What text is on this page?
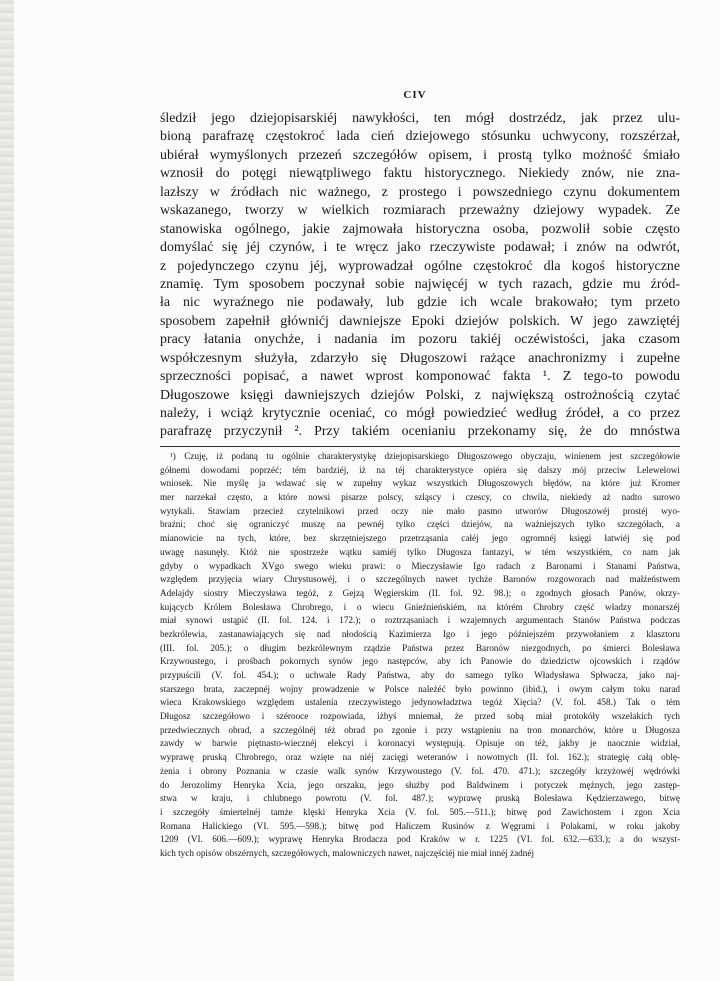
CIV
śledził jego dziejopisarskiéj nawykłości, ten mógł dostrzédz, jak przez ulu-
bioną parafrazę częstokroć lada cień dziejowego stósunku uchwycony, rozszérzał,
ubiérał wymyślonych przezeń szczegółów opisem, i prostą tylko możność śmiało
wznosił do potęgi niewątpliwego faktu historycznego. Niekiedy znów, nie zna-
lazłszy w źródłach nic ważnego, z prostego i powszedniego czynu dokumentem
wskazanego, tworzy w wielkich rozmiarach przeważny dziejowy wypadek. Ze
stanowiska ogólnego, jakie zajmowała historyczna osoba, pozwolił sobie często
domyślać się jéj czynów, i te wręcz jako rzeczywiste podawał; i znów na odwrót,
z pojedynczego czynu jéj, wyprowadzał ogólne częstokroć dla kogoś historyczne
znamię. Tym sposobem poczynał sobie najwięcéj w tych razach, gdzie mu źród-
ła nic wyraźnego nie podawały, lub gdzie ich wcale brakowało; tym przeto
sposobem zapełnił głównićj dawniejsze Epoki dziejów polskich. W jego zawziętéj
pracy łatania onychże, i nadania im pozoru takiéj oczéwistości, jaka czasom
współczesnym służyła, zdarzyło się Długoszowi rażące anachronizmy i zupełne
sprzeczności popisać, a nawet wprost komponować fakta ¹. Z tego-to powodu
Długoszowe księgi dawniejszych dziejów Polski, z największą ostrożnością czytać
należy, i wciąż krytycznie oceniać, co mógł powiedzieć według źródeł, a co przez
parafrazę przyczynił ². Przy takiém ocenianiu przekonamy się, że do mnóstwa
¹) Czuję, iż podaną tu ogólnie charakterystykę dziejopisarskiego Długoszowego obyczaju, winienem jest szczegółowie
gółnemi dowodami poprzéć; tém bardziéj, iż na téj charakterystyce opiéra się dalszy mój przeciw Lelewelowi
wniosek. Nie myślę ja wdawać się w zupełny wykaz wszystkich Długoszowych błędów, na które już Kromer
mer narzekał często, a które nowsi pisarze polscy, szląscy i czescy, co chwila, niekiedy aż nadto surowo
wytykali. Stawiam przecież czytelnikowi przed oczy nie mało pasmo utworów Długoszowéj prostéj wyo-
braźni; choć się ograniczyć muszę na pewnéj tylko części dziejów, na ważniejszych tylko szczegółach, a
mianowicie na tych, które, bez skrzętniejszego przetrząsania całéj jego ogromnéj księgi łatwiéj się pod
uwagę nasunęły. Któż nie spostrzeże wątku samiéj tylko Długosza fantazyi, w tém wszystkiém, co nam jak
gdyby o wypadkach XVgo swego wieku prawi: o Mieczysławie Igo radach z Baronami i Stanami Państwa,
względem przyjęcia wiary Chrystusowéj, i o szczególnych nawet tychże Baronów rozgoworach nad małżeństwem
Adelajdy siostry Mieczysława tegóż, z Gejzą Węgierskim (II. fol. 92. 98.); o zgodnych głosach Panów, okrzy-
kującycb Królem Bolesława Chrobrego, i o wiecu Gnieźnieńskiém, na którém Chrobry część władzy monarszéj
miał synowi ustąpić (II. fol. 124. i 172.); o roztrząsaniach i wzajemnych argumentach Stanów Państwa podczas
bezkrólewia, zastanawiających się nad nłodością Kazimierza Igo i jego późniejszém przywołaniem z klasztoru
(III. fol. 205.); o długim bezkrólewnym rządzie Państwa przez Baronów niezgodnych, po śmierci Bolesława
Krzywoustego, i prośbach pokornych synów jego następców, aby ich Panowie do dziedzictw ojcowskich i rządów
przypuścili (V. fol. 454.); o uchwale Rady Państwa, aby do samego tylko Władysława Spłwacza, jako naj-
starszego brata, zaczepnéj wojny prowadzenie w Polsce należéć było powinno (ibid.), i owym całym toku narad
wieca Krakowskiego względem ustalenia rzeczywistego jedynowładztwa tegóż Xięcia? (V. fol. 458.) Tak o tém
Długosz szczegółowo i szérooce rozpowiada, iżbyś mniemał, że przed sobą miał protokóły wszelakich tych
przedwiecznych obrad, a szczególnéj téż obrad po zgonie i przy wstąpieniu na tron monarchów, które u Długosza
zawdy w barwie piętnasto-wiecznéj elekcyi i koronacyi występują. Opisuje on téż, jakby je naocznie widział,
wyprawę pruską Chrobrego, oraz wzięte na niéj zacięgi weteranów i nowotnych (II. fol. 162.); strategię całą oblę-
żenia i obrony Poznania w czasie walk synów Krzywoustego (V. fol. 470. 471.); szczegóły krzyżowéj wędrówki
do Jerozolimy Henryka Xcia, jego orszaku, jego służby pod Baldwinem i potyczek mężnych, jego zastęp-
stwa w kraju, i chlubnego powrotu (V. fol. 487.); wyprawę pruską Bolesława Kędzierzawego, bitwę
i szczegóły śmiertelnéj tamże klęski Henryka Xcia (V. fol. 505.—511.); bitwę pod Zawichostem i zgon Xcia
Romana Halickiego (VI. 595.—598.); bitwę pod Haliczem Rusinów z Węgrami i Polakami, w roku jakoby
1209 (VI. 606.—609.); wyprawę Henryka Brodacza pod Kraków w r. 1225 (VI. fol. 632.—633.); a do wszyst-
kich tych opisów obszérnych, szczegółowych, malowniczych nawet, najczęściéj nie miał innéj żadnéj
